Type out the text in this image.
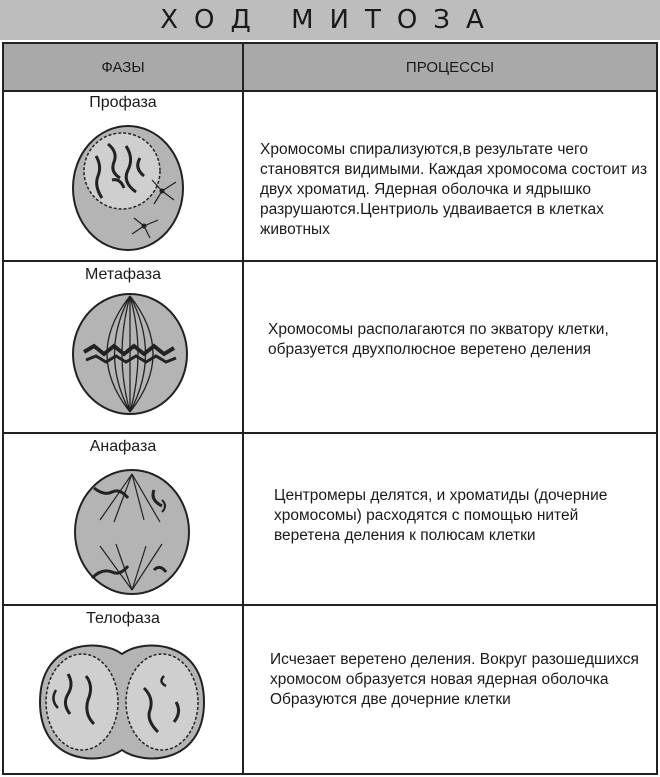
ХОД МИТОЗА
ФАЗЫ	ПРОЦЕССЫ
Профаза
Хромосомы спирализуются,в результате чего становятся видимыми. Каждая хромосома состоит из двух хроматид. Ядерная оболочка и ядрышко разрушаются.Центриоль удваивается в клетках животных
Метафаза
Хромосомы располагаются по экватору клетки, образуется двухполюсное веретено деления
Анафаза
Центромеры делятся, и хроматиды (дочерние хромосомы) расходятся с помощью нитей веретена деления к полюсам клетки
Телофаза
Исчезает веретено деления. Вокруг разошедшихся хромосом образуется новая ядерная оболочка Образуются две дочерние клетки
